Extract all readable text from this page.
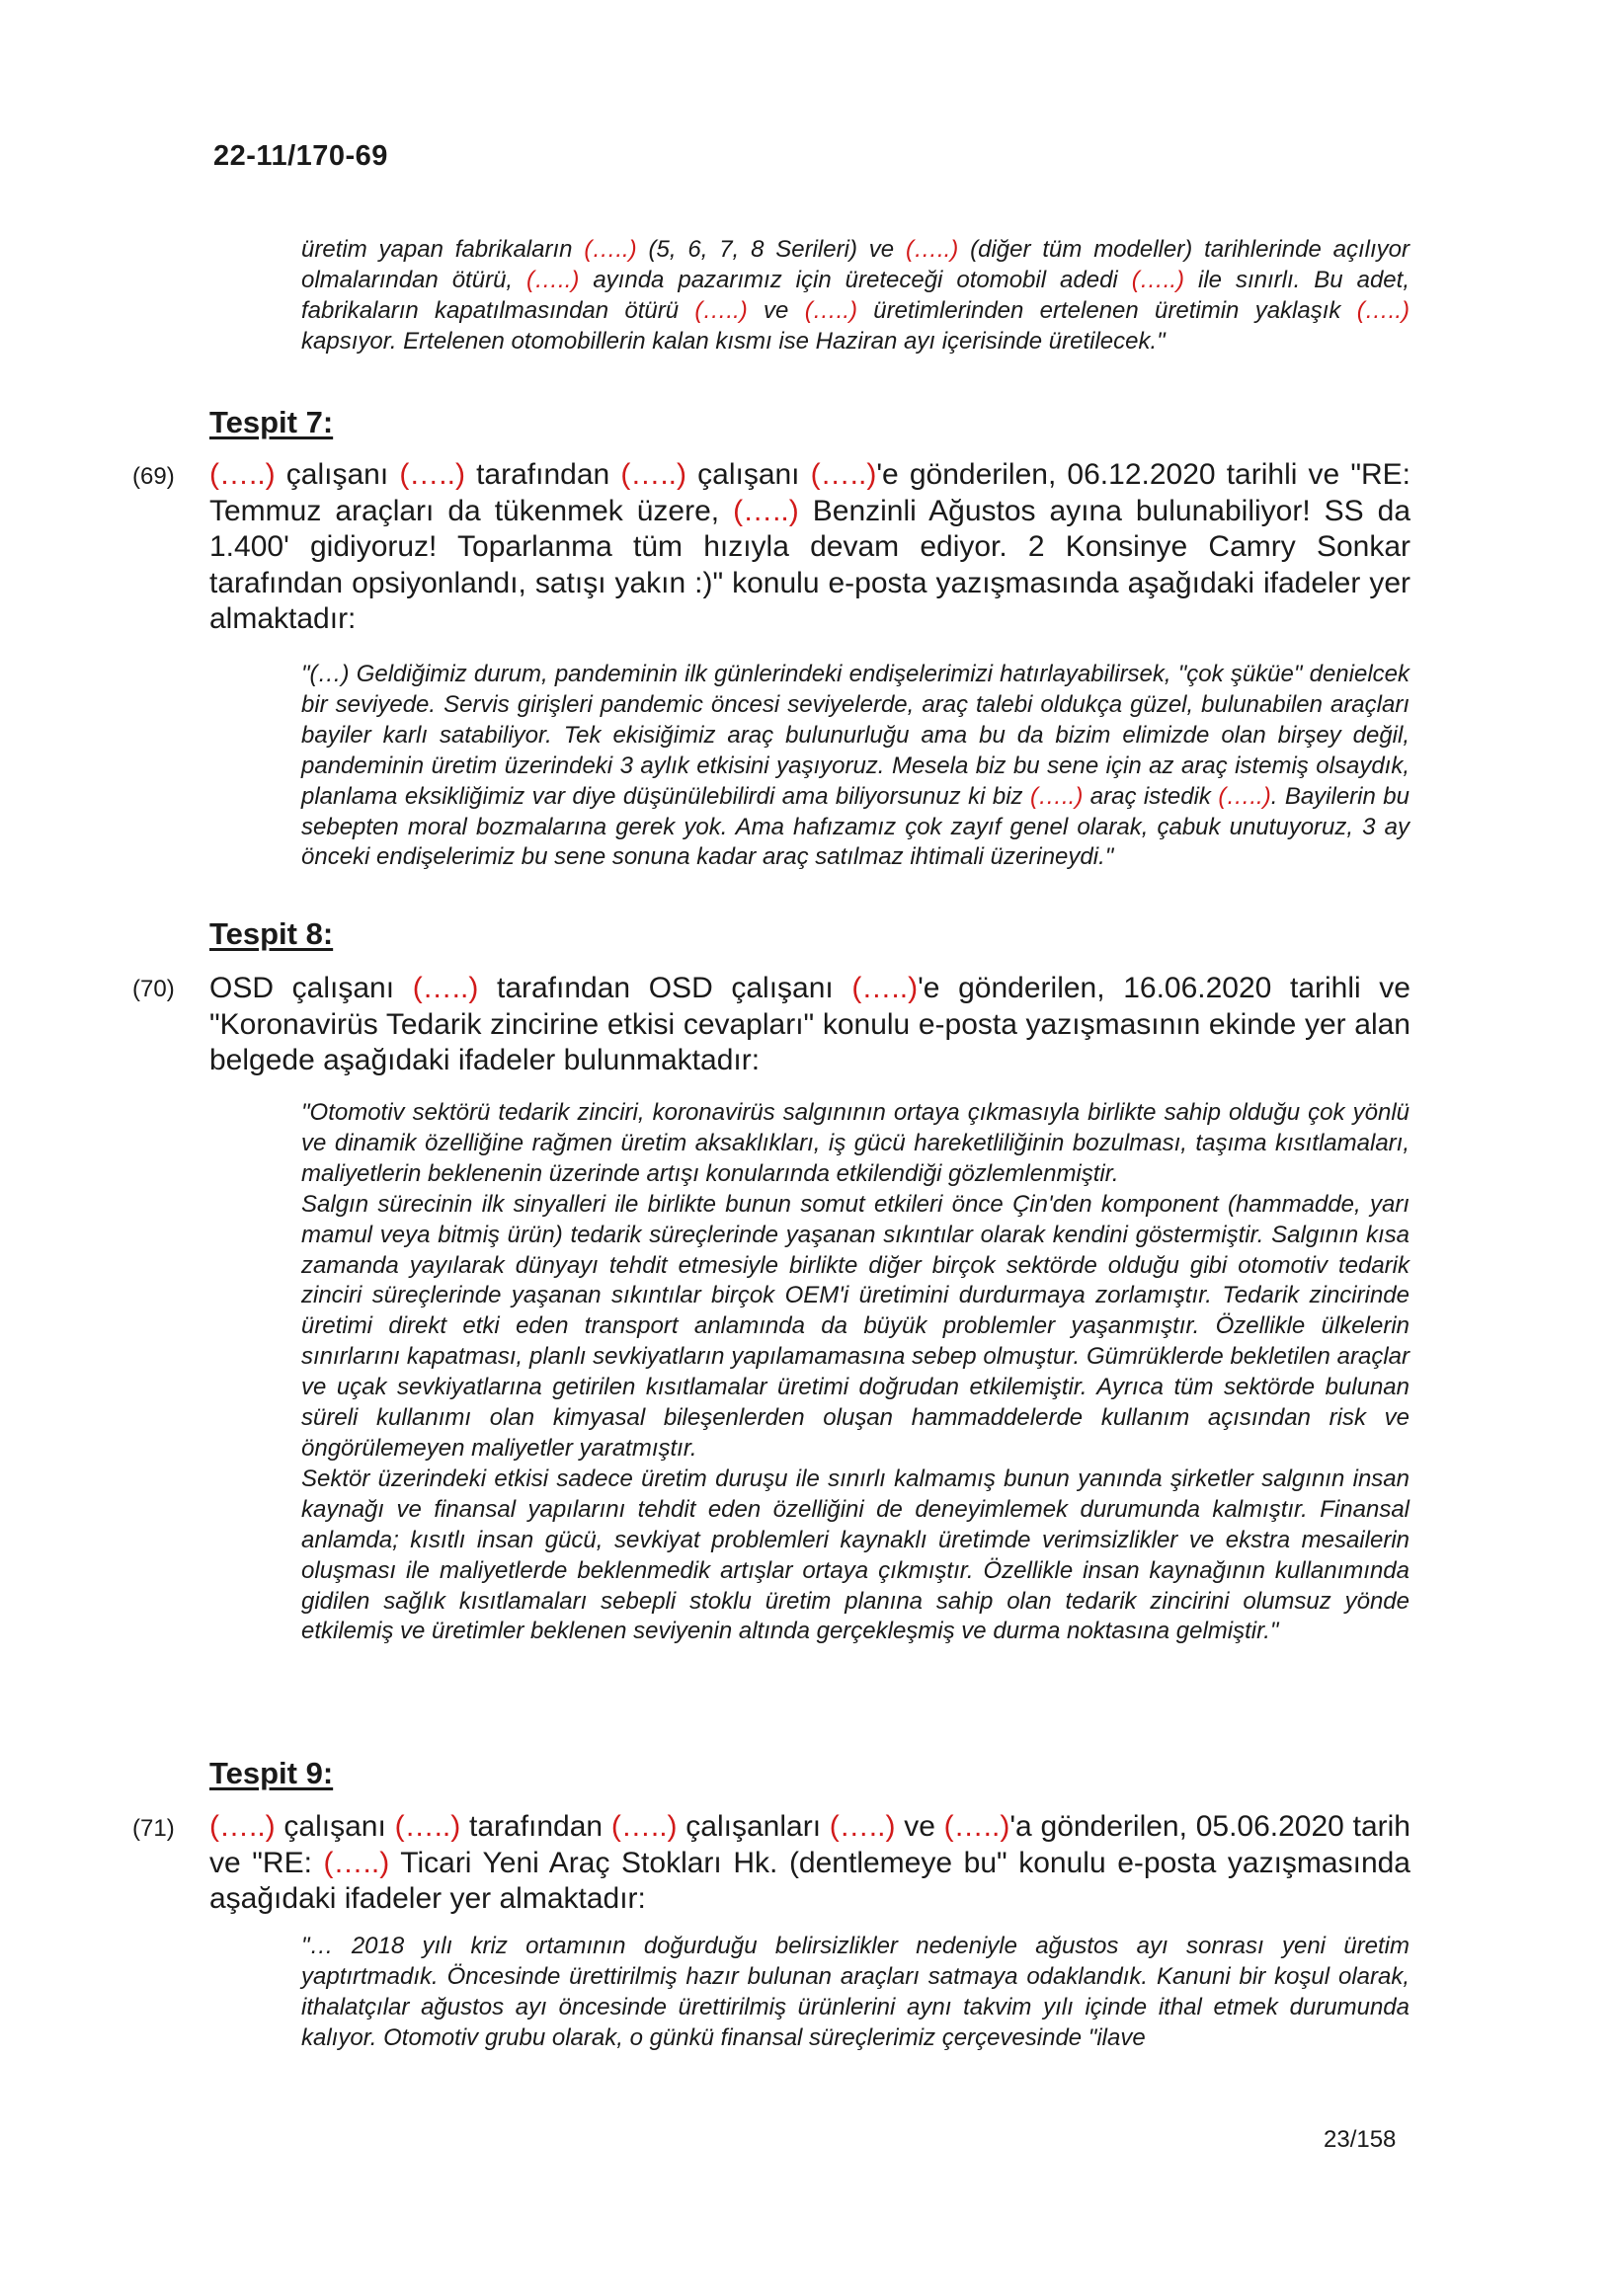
22-11/170-69

üretim yapan fabrikaların (…..) (5, 6, 7, 8 Serileri) ve (…..) (diğer tüm modeller) tarihlerinde açılıyor olmalarından ötürü, (…..) ayında pazarımız için üreteceği otomobil adedi (…..) ile sınırlı. Bu adet, fabrikaların kapatılmasından ötürü (…..) ve (…..) üretimlerinden ertelenen üretimin yaklaşık (…..) kapsıyor. Ertelenen otomobillerin kalan kısmı ise Haziran ayı içerisinde üretilecek."

Tespit 7:
(69) (…..) çalışanı (…..) tarafından (…..) çalışanı (…..)'e gönderilen, 06.12.2020 tarihli ve "RE: Temmuz araçları da tükenmek üzere, (…..) Benzinli Ağustos ayına bulunabiliyor! SS da 1.400' gidiyoruz! Toparlanma tüm hızıyla devam ediyor. 2 Konsinye Camry Sonkar tarafından opsiyonlandı, satışı yakın :)" konulu e-posta yazışmasında aşağıdaki ifadeler yer almaktadır:

"(…) Geldiğimiz durum, pandeminin ilk günlerindeki endişelerimizi hatırlayabilirsek, "çok şüküe" denielcek bir seviyede. Servis girişleri pandemic öncesi seviyelerde, araç talebi oldukça güzel, bulunabilen araçları bayiler karlı satabiliyor. Tek ekisiğimiz araç bulunurluğu ama bu da bizim elimizde olan birşey değil, pandeminin üretim üzerindeki 3 aylık etkisini yaşıyoruz. Mesela biz bu sene için az araç istemiş olsaydık, planlama eksikliğimiz var diye düşünülebilirdi ama biliyorsunuz ki biz (…..) araç istedik (…..). Bayilerin bu sebepten moral bozmalarına gerek yok. Ama hafızamız çok zayıf genel olarak, çabuk unutuyoruz, 3 ay önceki endişelerimiz bu sene sonuna kadar araç satılmaz ihtimali üzerineydi."

Tespit 8:
(70) OSD çalışanı (…..) tarafından OSD çalışanı (…..)'e gönderilen, 16.06.2020 tarihli ve "Koronavirüs Tedarik zincirine etkisi cevapları" konulu e-posta yazışmasının ekinde yer alan belgede aşağıdaki ifadeler bulunmaktadır:

"Otomotiv sektörü tedarik zinciri, koronavirüs salgınının ortaya çıkmasıyla birlikte sahip olduğu çok yönlü ve dinamik özelliğine rağmen üretim aksaklıkları, iş gücü hareketliliğinin bozulması, taşıma kısıtlamaları, maliyetlerin beklenenin üzerinde artışı konularında etkilendiği gözlemlenmiştir.

Salgın sürecinin ilk sinyalleri ile birlikte bunun somut etkileri önce Çin'den komponent (hammadde, yarı mamul veya bitmiş ürün) tedarik süreçlerinde yaşanan sıkıntılar olarak kendini göstermiştir. Salgının kısa zamanda yayılarak dünyayı tehdit etmesiyle birlikte diğer birçok sektörde olduğu gibi otomotiv tedarik zinciri süreçlerinde yaşanan sıkıntılar birçok OEM'i üretimini durdurmaya zorlamıştır. Tedarik zincirinde üretimi direkt etki eden transport anlamında da büyük problemler yaşanmıştır. Özellikle ülkelerin sınırlarını kapatması, planlı sevkiyatların yapılamamasına sebep olmuştur. Gümrüklerde bekletilen araçlar ve uçak sevkiyatlarına getirilen kısıtlamalar üretimi doğrudan etkilemiştir. Ayrıca tüm sektörde bulunan süreli kullanımı olan kimyasal bileşenlerden oluşan hammaddelerde kullanım açısından risk ve öngörülemeyen maliyetler yaratmıştır.

Sektör üzerindeki etkisi sadece üretim duruşu ile sınırlı kalmamış bunun yanında şirketler salgının insan kaynağı ve finansal yapılarını tehdit eden özelliğini de deneyimlemek durumunda kalmıştır. Finansal anlamda; kısıtlı insan gücü, sevkiyat problemleri kaynaklı üretimde verimsizlikler ve ekstra mesailerin oluşması ile maliyetlerde beklenmedik artışlar ortaya çıkmıştır. Özellikle insan kaynağının kullanımında gidilen sağlık kısıtlamaları sebepli stoklu üretim planına sahip olan tedarik zincirini olumsuz yönde etkilemiş ve üretimler beklenen seviyenin altında gerçekleşmiş ve durma noktasına gelmiştir."

Tespit 9:
(71) (…..) çalışanı (…..) tarafından (…..) çalışanları (…..) ve (…..)'a gönderilen, 05.06.2020 tarih ve "RE: (…..) Ticari Yeni Araç Stokları Hk. (dentlemeye bu" konulu e-posta yazışmasında aşağıdaki ifadeler yer almaktadır:

"… 2018 yılı kriz ortamının doğurduğu belirsizlikler nedeniyle ağustos ayı sonrası yeni üretim yaptırtmadık. Öncesinde ürettirilmiş hazır bulunan araçları satmaya odaklandık. Kanuni bir koşul olarak, ithalatçılar ağustos ayı öncesinde ürettirilmiş ürünlerini aynı takvim yılı içinde ithal etmek durumunda kalıyor. Otomotiv grubu olarak, o günkü finansal süreçlerimiz çerçevesinde "ilave

23/158
